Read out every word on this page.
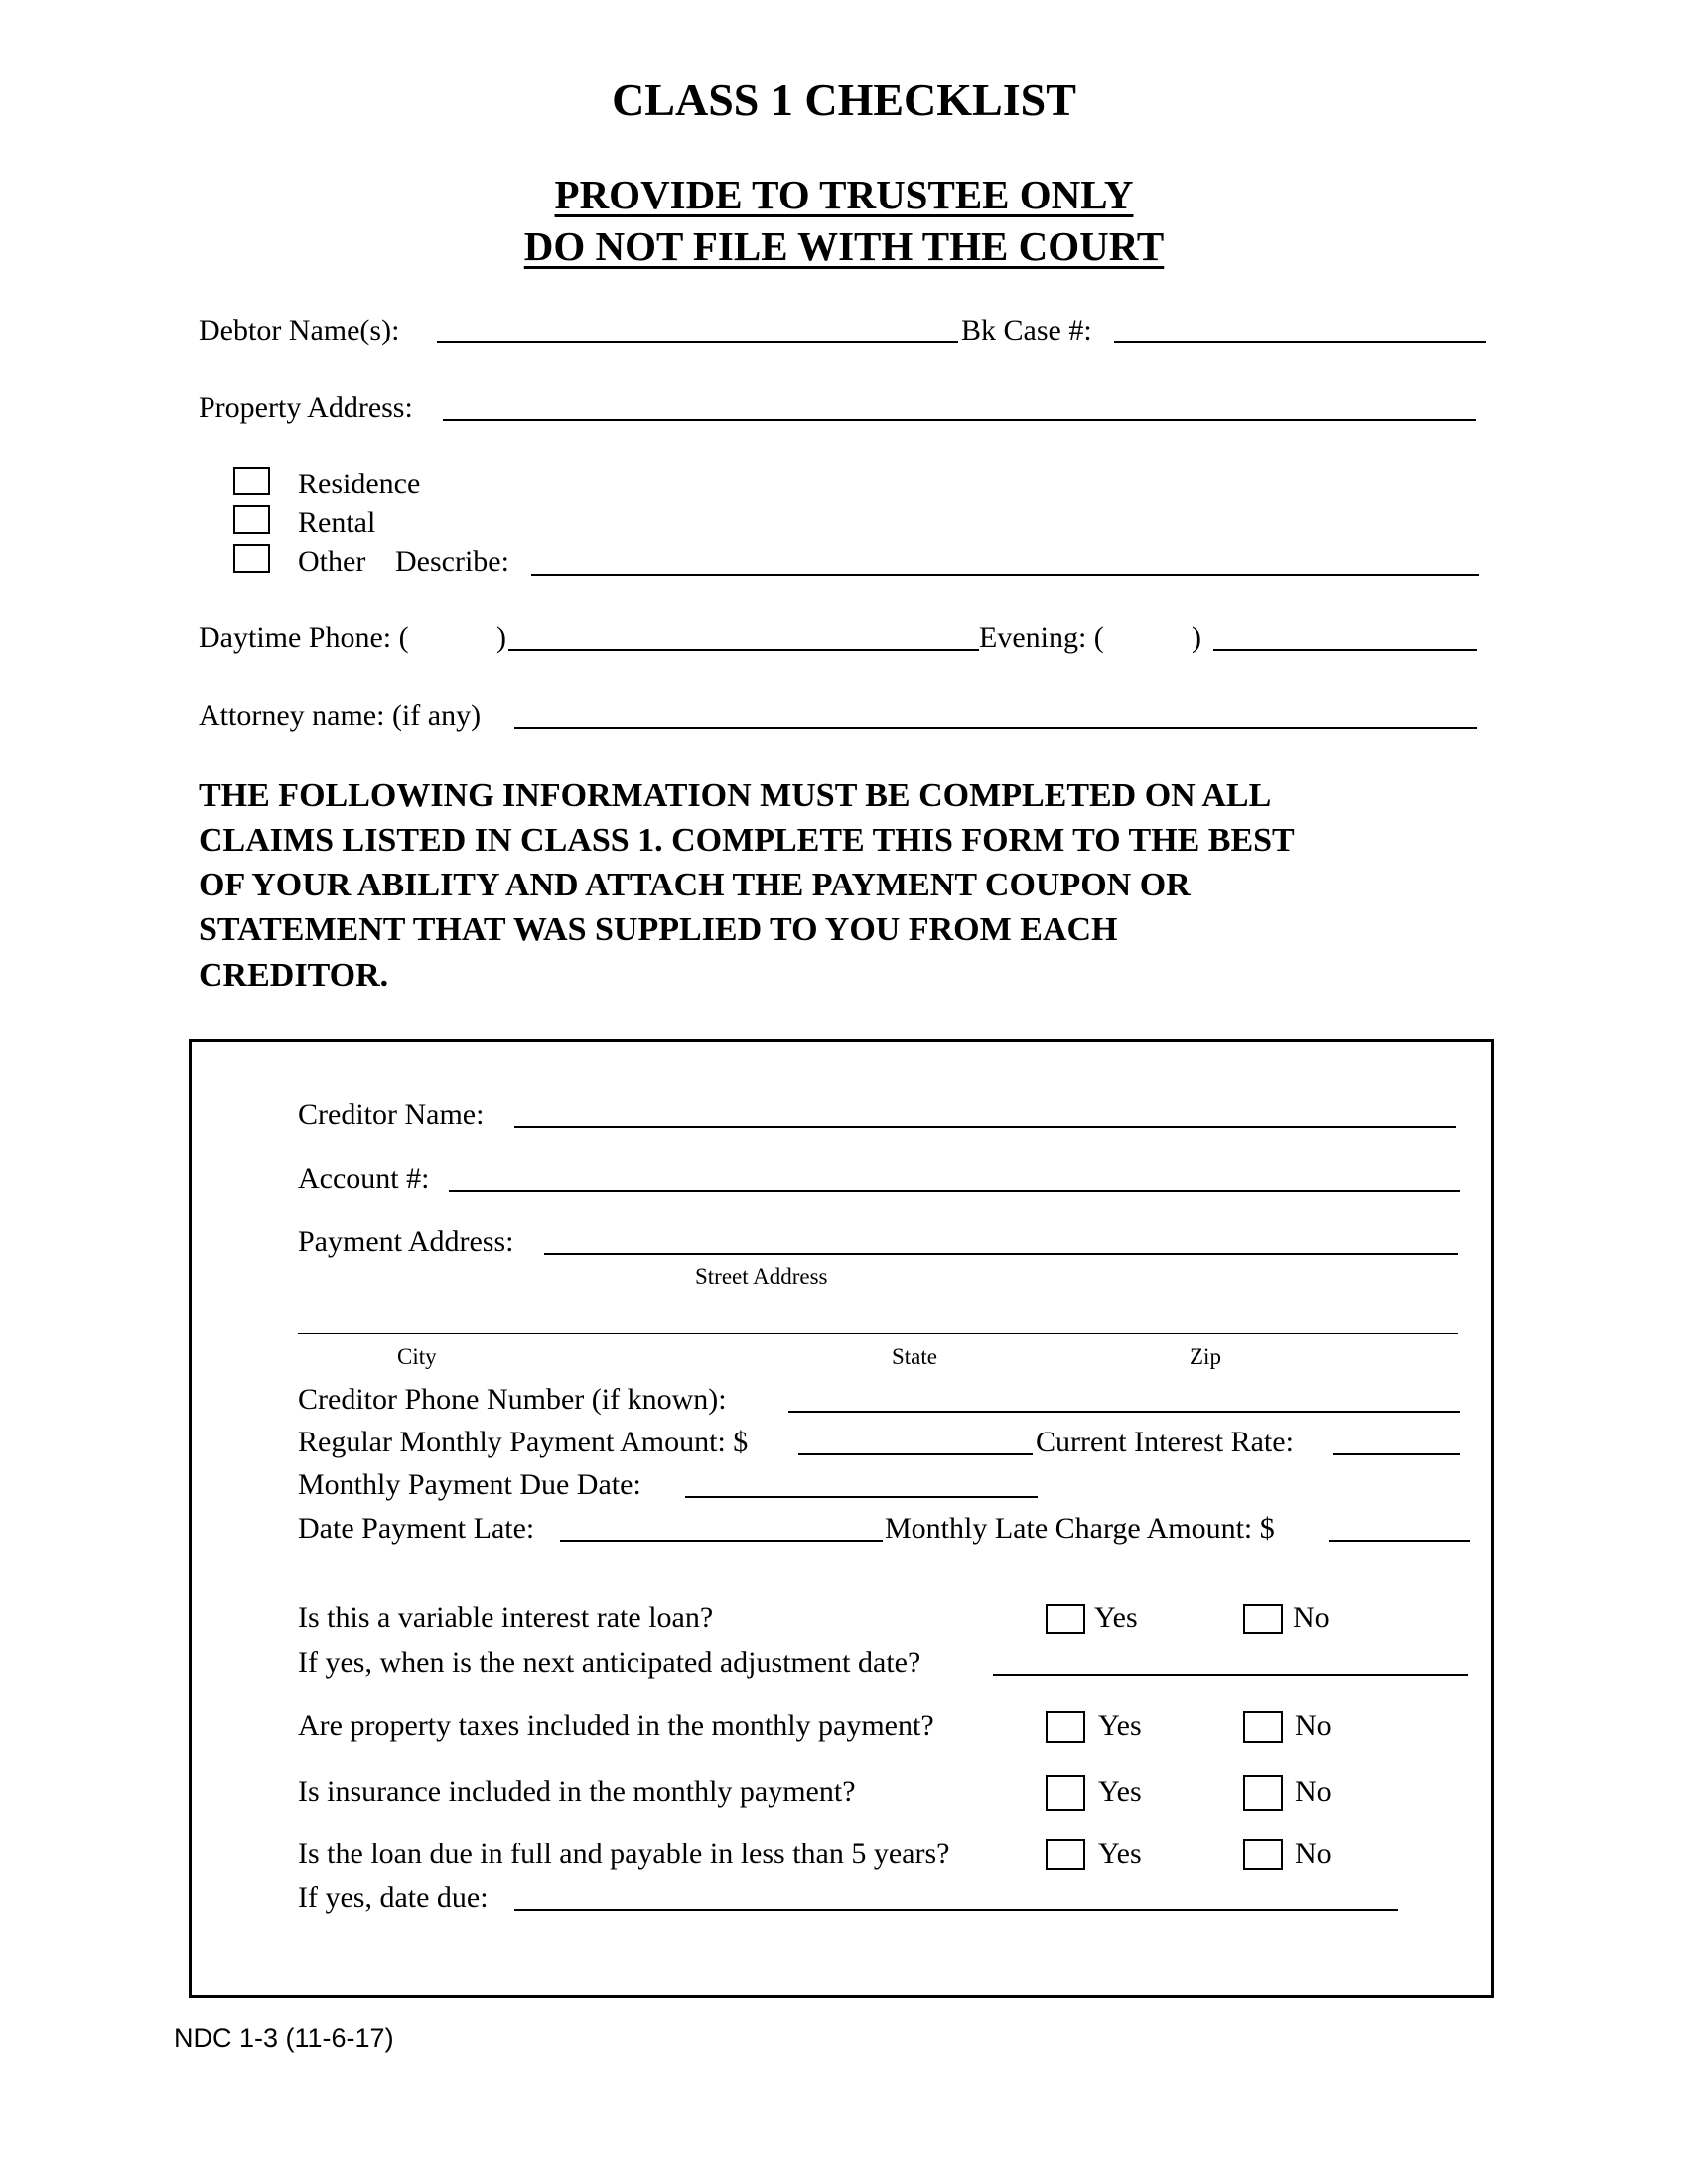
CLASS 1 CHECKLIST
PROVIDE TO TRUSTEE ONLY
DO NOT FILE WITH THE COURT
Debtor Name(s):	Bk Case #:
Property Address:
Residence
Rental
Other Describe:
Daytime Phone: (	)	Evening: (	)
Attorney name: (if any)
THE FOLLOWING INFORMATION MUST BE COMPLETED ON ALL
CLAIMS LISTED IN CLASS 1. COMPLETE THIS FORM TO THE BEST
OF YOUR ABILITY AND ATTACH THE PAYMENT COUPON OR
STATEMENT THAT WAS SUPPLIED TO YOU FROM EACH
CREDITOR.
Creditor Name:
Account #:
Payment Address:
Street Address
City	State	Zip
Creditor Phone Number (if known):
Regular Monthly Payment Amount: $	Current Interest Rate:
Monthly Payment Due Date:
Date Payment Late:	Monthly Late Charge Amount: $
Is this a variable interest rate loan?	Yes	No
If yes, when is the next anticipated adjustment date?
Are property taxes included in the monthly payment?	Yes	No
Is insurance included in the monthly payment?	Yes	No
Is the loan due in full and payable in less than 5 years?	Yes	No
If yes, date due:
NDC 1-3 (11-6-17)
